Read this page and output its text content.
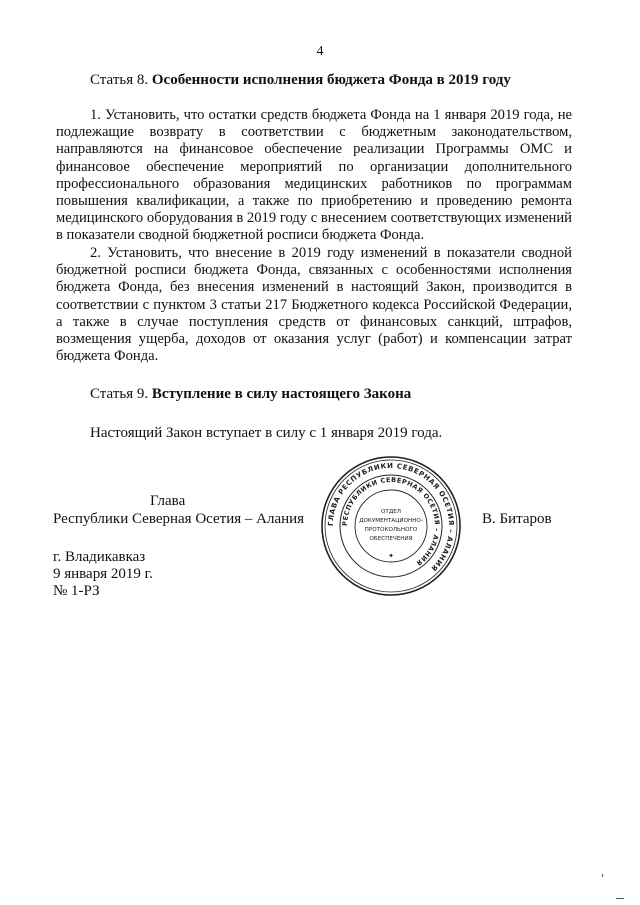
4
Статья 8. Особенности исполнения бюджета Фонда в 2019 году
1. Установить, что остатки средств бюджета Фонда на 1 января 2019 года, не подлежащие возврату в соответствии с бюджетным законодательством, направляются на финансовое обеспечение реализации Программы ОМС и финансовое обеспечение мероприятий по организации дополнительного профессионального образования медицинских работников по программам повышения квалификации, а также по приобретению и проведению ремонта медицинского оборудования в 2019 году с внесением соответствующих изменений в показатели сводной бюджетной росписи бюджета Фонда.
2. Установить, что внесение в 2019 году изменений в показатели сводной бюджетной росписи бюджета Фонда, связанных с особенностями исполнения бюджета Фонда, без внесения изменений в настоящий Закон, производится в соответствии с пунктом 3 статьи 217 Бюджетного кодекса Российской Федерации, а также в случае поступления средств от финансовых санкций, штрафов, возмещения ущерба, доходов от оказания услуг (работ) и компенсации затрат бюджета Фонда.
Статья 9. Вступление в силу настоящего Закона
Настоящий Закон вступает в силу с 1 января 2019 года.
Глава
Республики Северная Осетия – Алания	В. Битаров
ГЛАВА РЕСПУБЛИКИ СЕВЕРНАЯ ОСЕТИЯ – АЛАНИЯ
РЕСПУБЛИКИ СЕВЕРНАЯ ОСЕТИЯ – АЛАНИЯ
ОТДЕЛ
ДОКУМЕНТАЦИОННО-
ПРОТОКОЛЬНОГО
ОБЕСПЕЧЕНИЯ
✦
г. Владикавказ
9 января 2019 г.
№ 1-РЗ
